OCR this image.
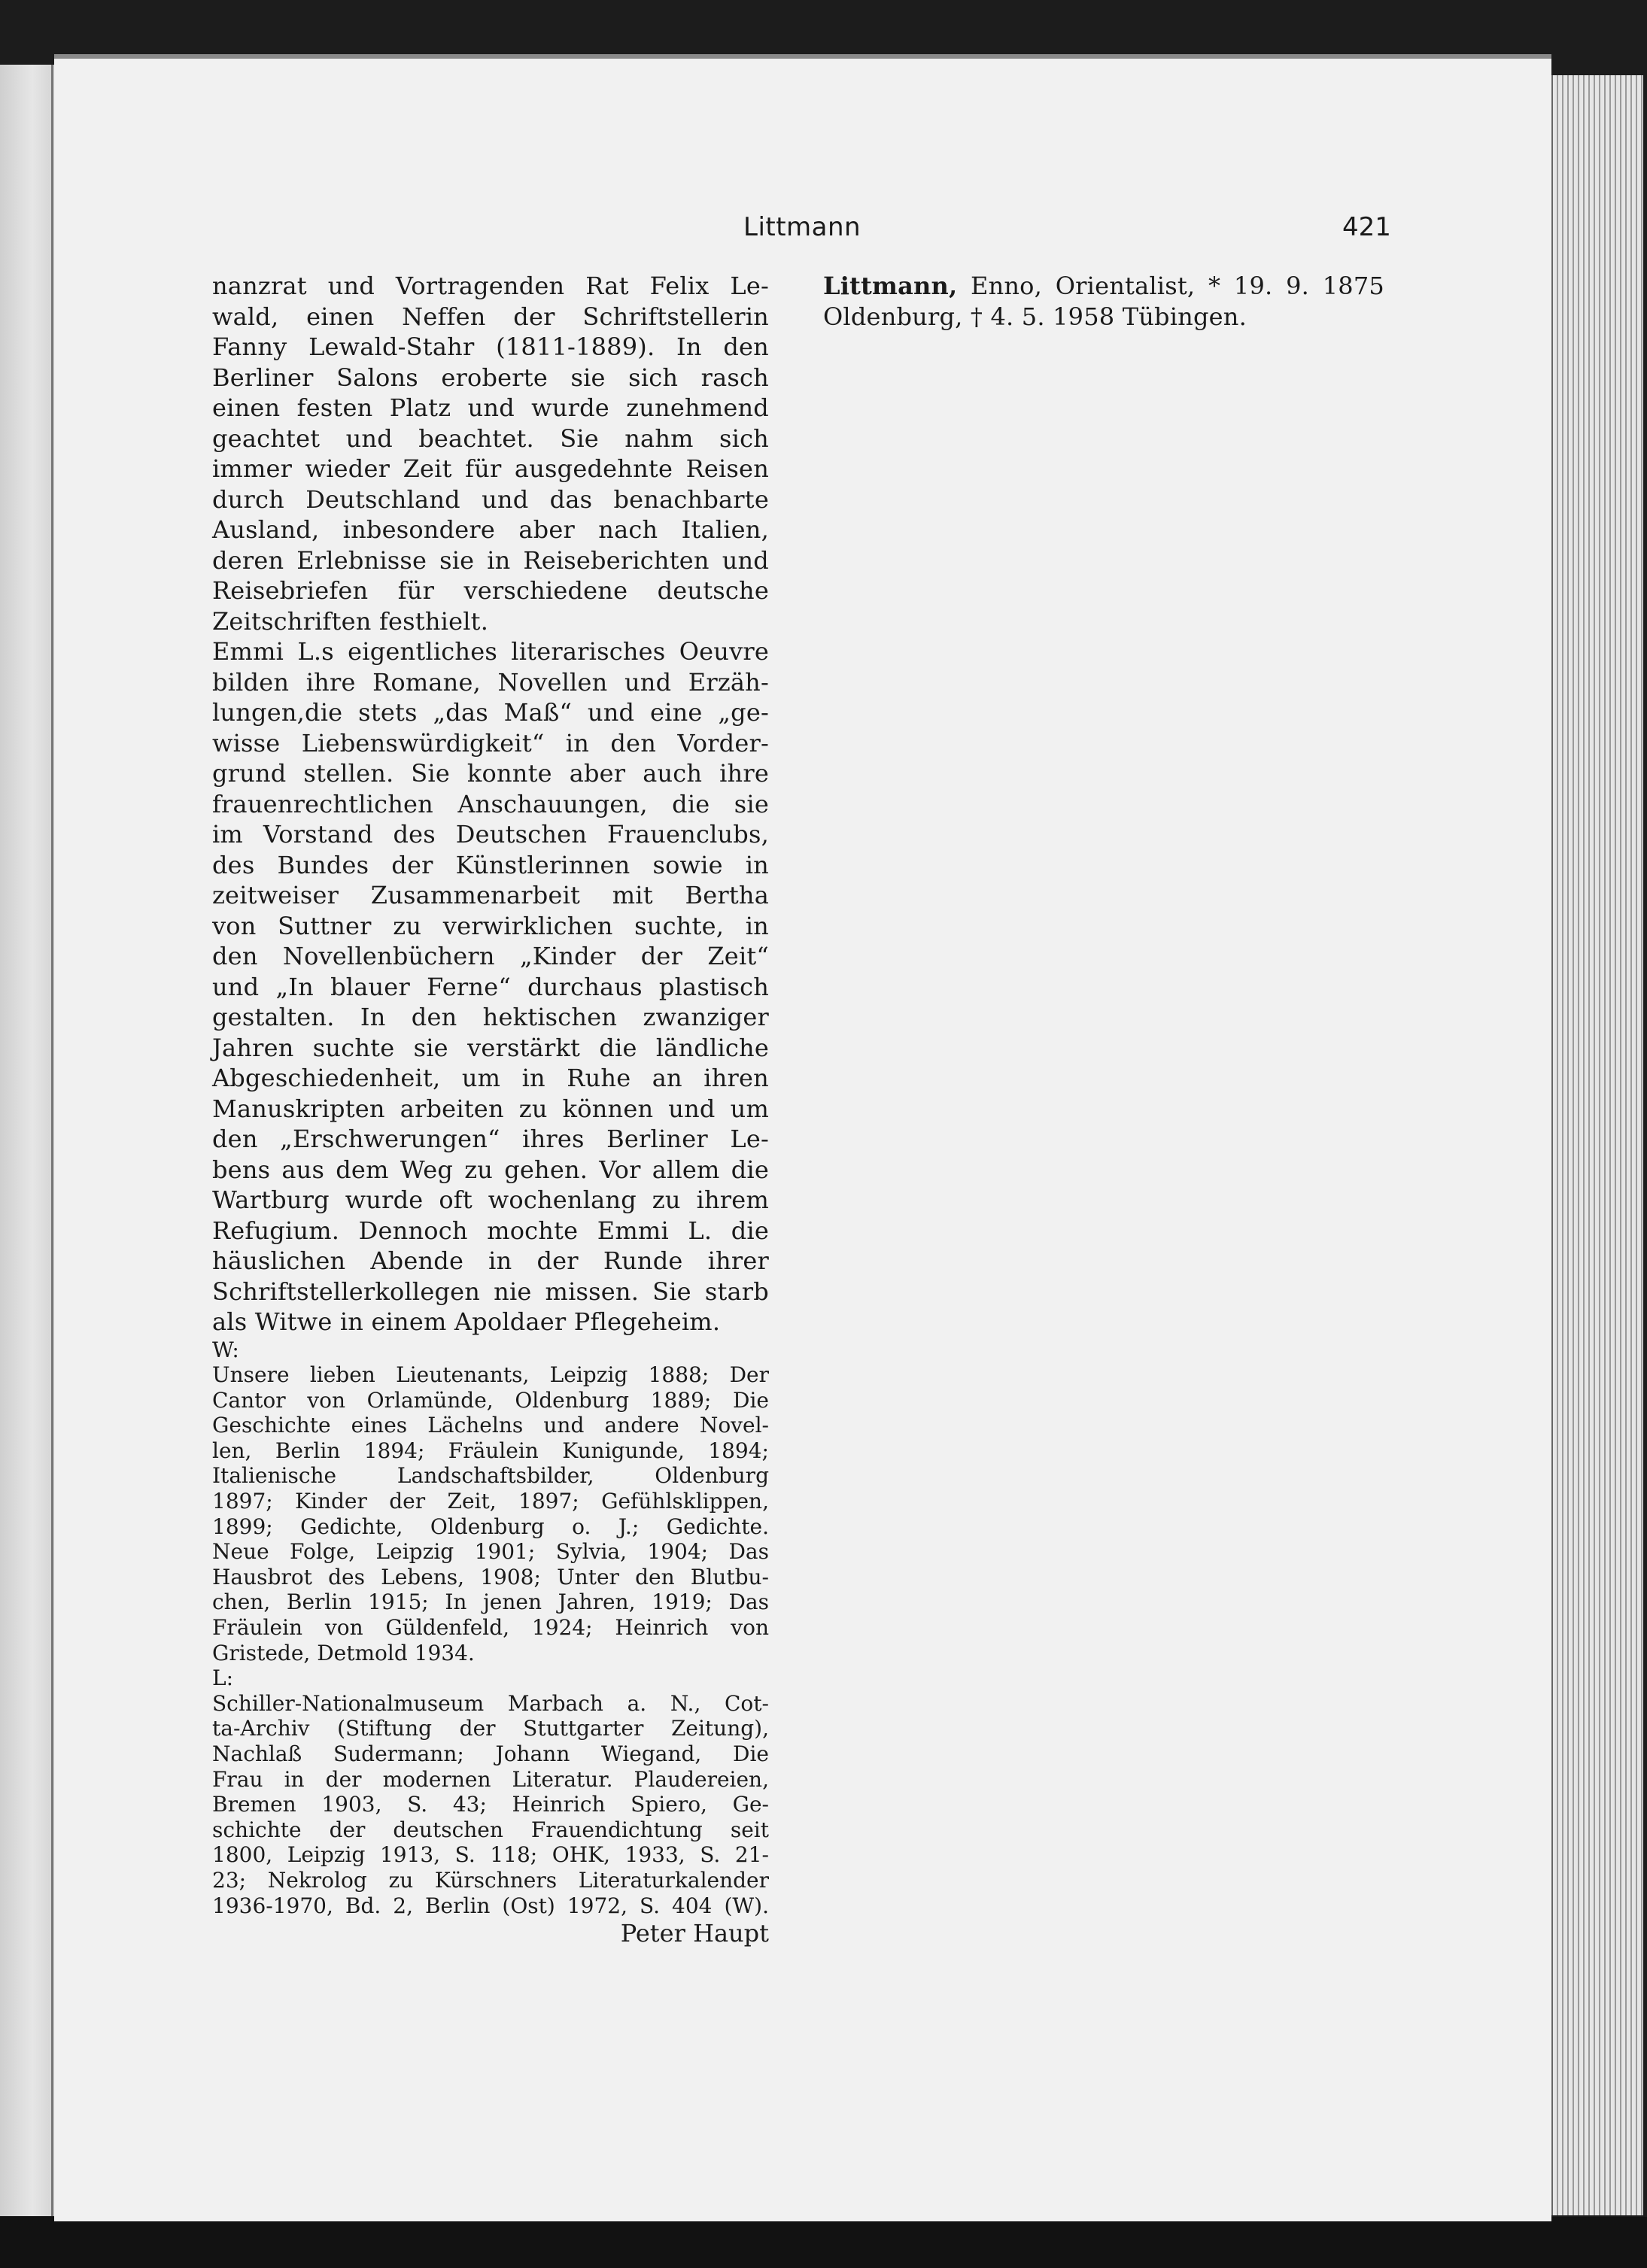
Littmann	421
nanzrat und Vortragenden Rat Felix Le-
wald, einen Neffen der Schriftstellerin
Fanny Lewald-Stahr (1811-1889). In den
Berliner Salons eroberte sie sich rasch
einen festen Platz und wurde zunehmend
geachtet und beachtet. Sie nahm sich
immer wieder Zeit für ausgedehnte Reisen
durch Deutschland und das benachbarte
Ausland, inbesondere aber nach Italien,
deren Erlebnisse sie in Reiseberichten und
Reisebriefen für verschiedene deutsche
Zeitschriften festhielt.
Emmi L.s eigentliches literarisches Oeuvre
bilden ihre Romane, Novellen und Erzäh-
lungen,die stets „das Maß“ und eine „ge-
wisse Liebenswürdigkeit“ in den Vorder-
grund stellen. Sie konnte aber auch ihre
frauenrechtlichen Anschauungen, die sie
im Vorstand des Deutschen Frauenclubs,
des Bundes der Künstlerinnen sowie in
zeitweiser Zusammenarbeit mit Bertha
von Suttner zu verwirklichen suchte, in
den Novellenbüchern „Kinder der Zeit“
und „In blauer Ferne“ durchaus plastisch
gestalten. In den hektischen zwanziger
Jahren suchte sie verstärkt die ländliche
Abgeschiedenheit, um in Ruhe an ihren
Manuskripten arbeiten zu können und um
den „Erschwerungen“ ihres Berliner Le-
bens aus dem Weg zu gehen. Vor allem die
Wartburg wurde oft wochenlang zu ihrem
Refugium. Dennoch mochte Emmi L. die
häuslichen Abende in der Runde ihrer
Schriftstellerkollegen nie missen. Sie starb
als Witwe in einem Apoldaer Pflegeheim.
W:
Unsere lieben Lieutenants, Leipzig 1888; Der
Cantor von Orlamünde, Oldenburg 1889; Die
Geschichte eines Lächelns und andere Novel-
len, Berlin 1894; Fräulein Kunigunde, 1894;
Italienische Landschaftsbilder, Oldenburg
1897; Kinder der Zeit, 1897; Gefühlsklippen,
1899; Gedichte, Oldenburg o. J.; Gedichte.
Neue Folge, Leipzig 1901; Sylvia, 1904; Das
Hausbrot des Lebens, 1908; Unter den Blutbu-
chen, Berlin 1915; In jenen Jahren, 1919; Das
Fräulein von Güldenfeld, 1924; Heinrich von
Gristede, Detmold 1934.
L:
Schiller-Nationalmuseum Marbach a. N., Cot-
ta-Archiv (Stiftung der Stuttgarter Zeitung),
Nachlaß Sudermann; Johann Wiegand, Die
Frau in der modernen Literatur. Plaudereien,
Bremen 1903, S. 43; Heinrich Spiero, Ge-
schichte der deutschen Frauendichtung seit
1800, Leipzig 1913, S. 118; OHK, 1933, S. 21-
23; Nekrolog zu Kürschners Literaturkalender
1936-1970, Bd. 2, Berlin (Ost) 1972, S. 404 (W).
Peter Haupt
Littmann, Enno, Orientalist, * 19. 9. 1875
Oldenburg, † 4. 5. 1958 Tübingen.
